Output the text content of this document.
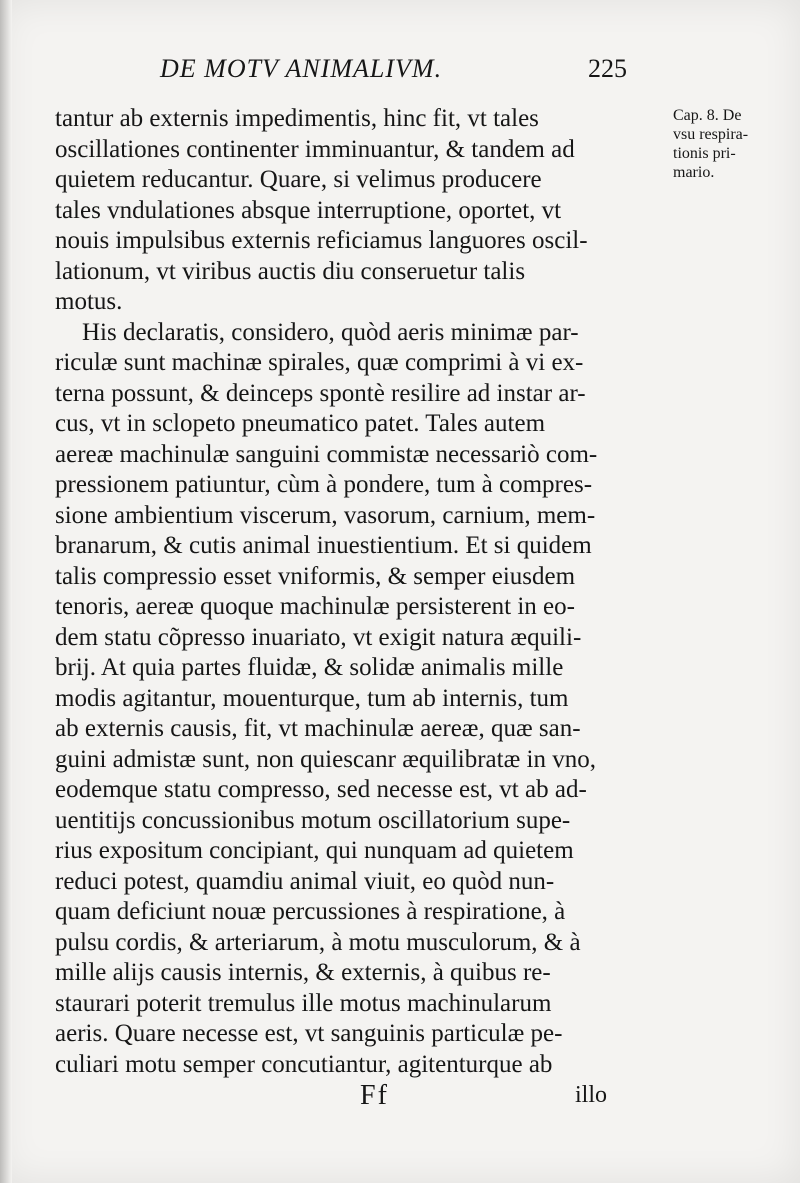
DE MOTV ANIMALIVM.	225
tantur ab externis impedimentis, hinc fit, vt tales
oscillationes continenter imminuantur, & tandem ad
quietem reducantur. Quare, si velimus producere
tales vndulationes absque interruptione, oportet, vt
nouis impulsibus externis reficiamus languores oscil-
lationum, vt viribus auctis diu conseruetur talis
motus.
His declaratis, considero, quòd aeris minimæ par-
riculæ sunt machinæ spirales, quæ comprimi à vi ex-
terna possunt, & deinceps spontè resilire ad instar ar-
cus, vt in sclopeto pneumatico patet. Tales autem
aereæ machinulæ sanguini commistæ necessariò com-
pressionem patiuntur, cùm à pondere, tum à compres-
sione ambientium viscerum, vasorum, carnium, mem-
branarum, & cutis animal inuestientium. Et si quidem
talis compressio esset vniformis, & semper eiusdem
tenoris, aereæ quoque machinulæ persisterent in eo-
dem statu cõpresso inuariato, vt exigit natura æquili-
brij. At quia partes fluidæ, & solidæ animalis mille
modis agitantur, mouenturque, tum ab internis, tum
ab externis causis, fit, vt machinulæ aereæ, quæ san-
guini admistæ sunt, non quiescanr æquilibratæ in vno,
eodemque statu compresso, sed necesse est, vt ab ad-
uentitijs concussionibus motum oscillatorium supe-
rius expositum concipiant, qui nunquam ad quietem
reduci potest, quamdiu animal viuit, eo quòd nun-
quam deficiunt nouæ percussiones à respiratione, à
pulsu cordis, & arteriarum, à motu musculorum, & à
mille alijs causis internis, & externis, à quibus re-
staurari poterit tremulus ille motus machinularum
aeris. Quare necesse est, vt sanguinis particulæ pe-
culiari motu semper concutiantur, agitenturque ab
Cap. 8. De
vsu respira-
tionis pri-
mario.
Ff	illo
